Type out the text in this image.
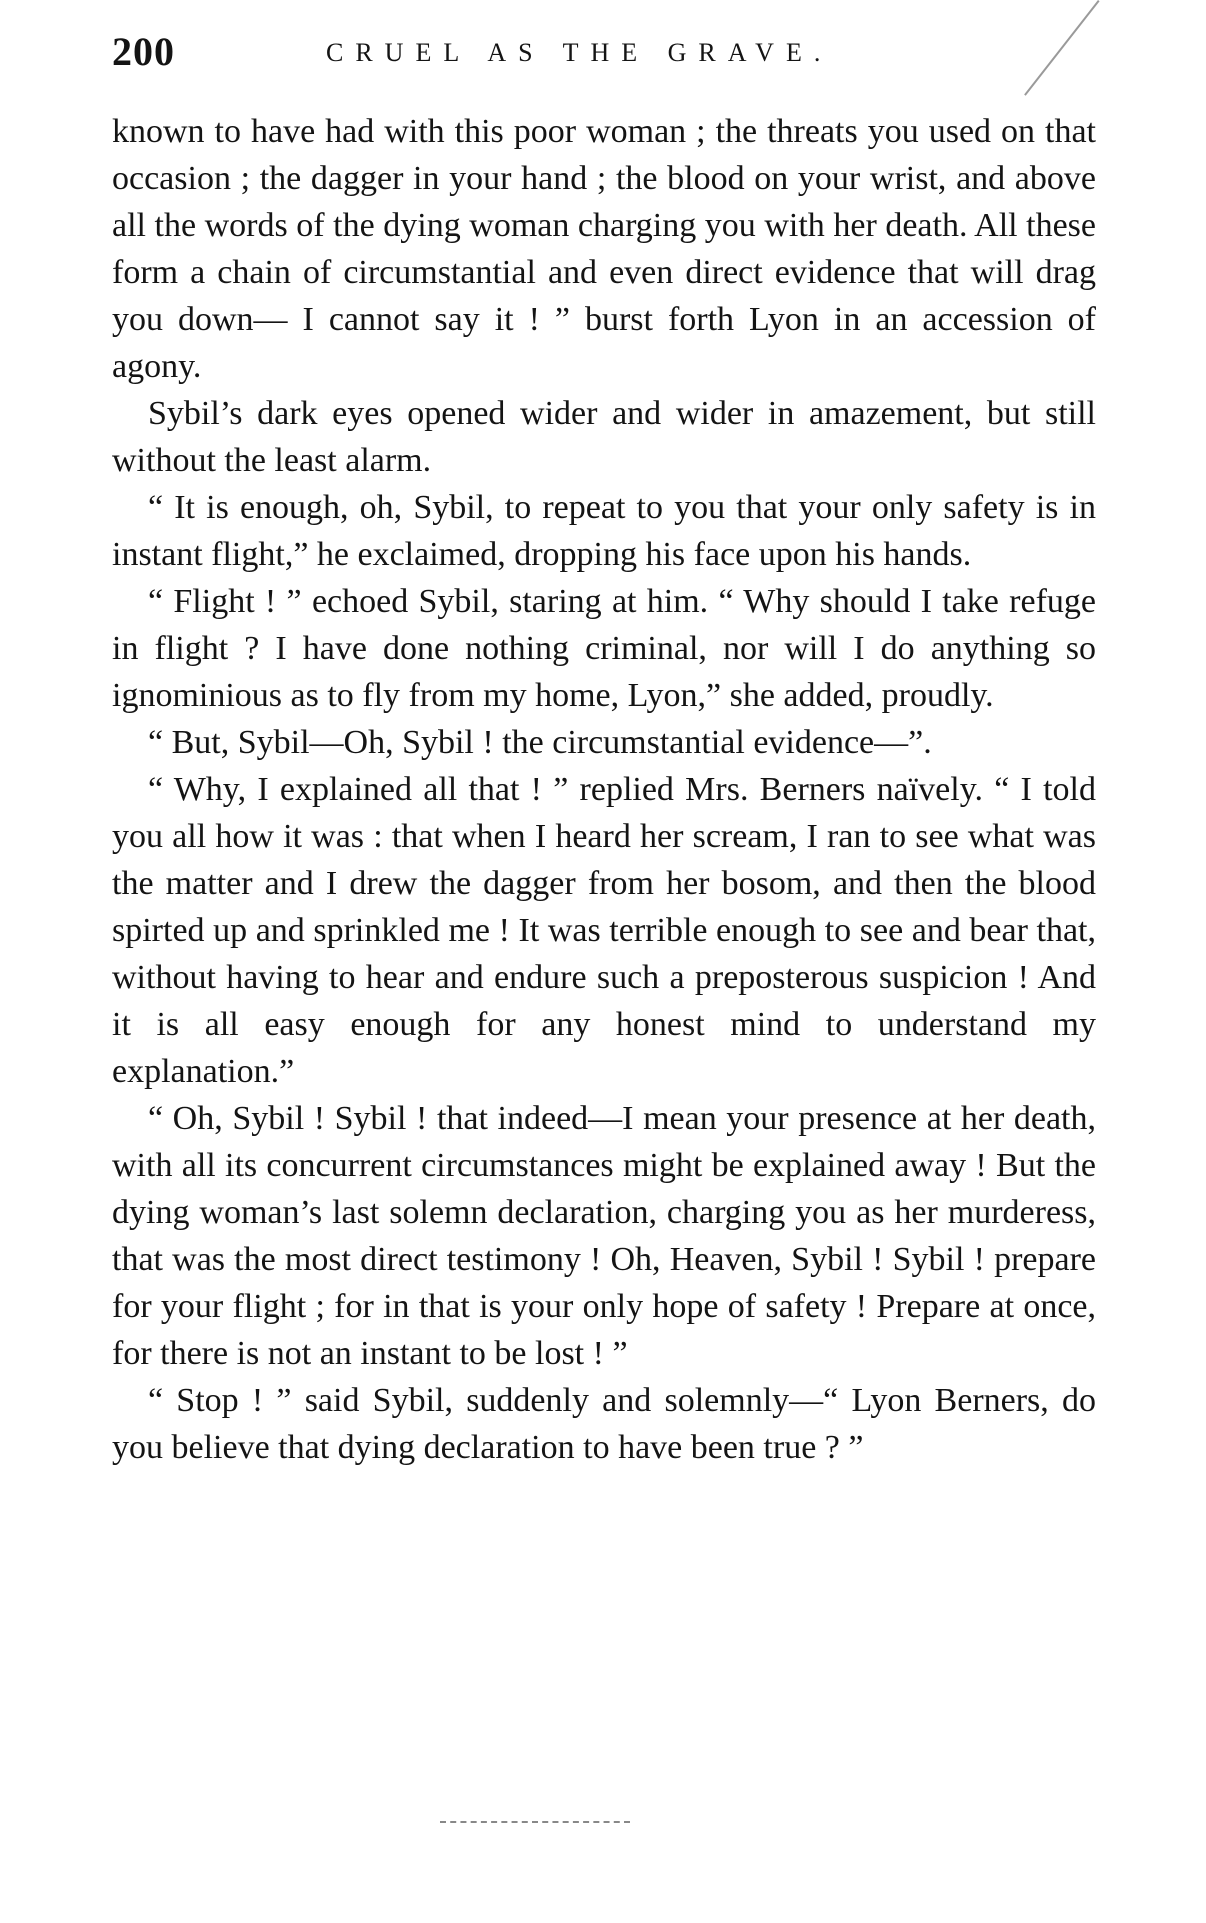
200	CRUEL AS THE GRAVE.

known to have had with this poor woman ; the threats you used on that occasion ; the dagger in your hand ; the blood on your wrist, and above all the words of the dying woman charging you with her death. All these form a chain of circumstantial and even direct evidence that will drag you down— I cannot say it ! ” burst forth Lyon in an accession of agony.

Sybil’s dark eyes opened wider and wider in amazement, but still without the least alarm.

“ It is enough, oh, Sybil, to repeat to you that your only safety is in instant flight,” he exclaimed, dropping his face upon his hands.

“ Flight ! ” echoed Sybil, staring at him. “ Why should I take refuge in flight ? I have done nothing criminal, nor will I do anything so ignominious as to fly from my home, Lyon,” she added, proudly.

“ But, Sybil—Oh, Sybil ! the circumstantial evidence—”.

“ Why, I explained all that ! ” replied Mrs. Berners naïvely. “ I told you all how it was : that when I heard her scream, I ran to see what was the matter and I drew the dagger from her bosom, and then the blood spirted up and sprinkled me ! It was terrible enough to see and bear that, without having to hear and endure such a preposterous suspicion ! And it is all easy enough for any honest mind to understand my explanation.”

“ Oh, Sybil ! Sybil ! that indeed—I mean your presence at her death, with all its concurrent circumstances might be explained away ! But the dying woman’s last solemn declaration, charging you as her murderess, that was the most direct testimony ! Oh, Heaven, Sybil ! Sybil ! prepare for your flight ; for in that is your only hope of safety ! Prepare at once, for there is not an instant to be lost ! ”

“ Stop ! ” said Sybil, suddenly and solemnly—“ Lyon Berners, do you believe that dying declaration to have been true ? ”
